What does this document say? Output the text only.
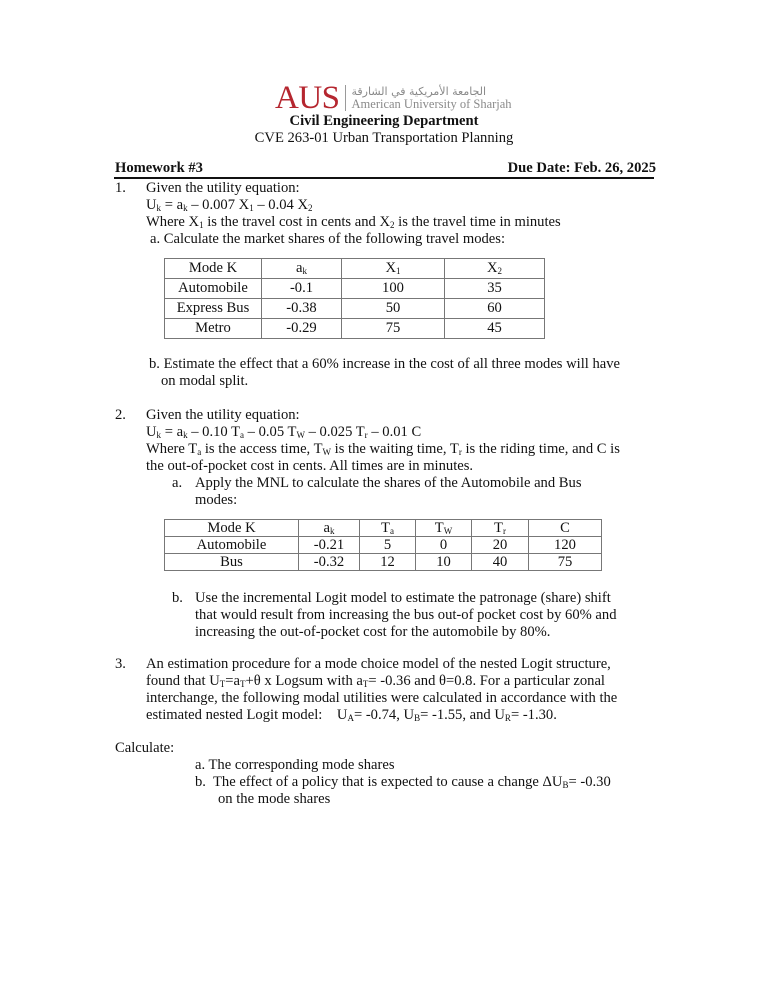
AUS الجامعة الأمريكية في الشارقة
American University of Sharjah
Civil Engineering Department
CVE 263-01 Urban Transportation Planning
Homework #3	Due Date: Feb. 26, 2025
1. Given the utility equation:
$U_k = a_k - 0.007$ $X_1 - 0.04$ $X_2$
Where $X_1$ is the travel cost in cents and $X_2$ is the travel time in minutes
a. Calculate the market shares of the following travel modes:
Mode K	$a_k$	$X_1$	$X_2$
Automobile	-0.1	100	35
Express Bus	-0.38	50	60
Metro	-0.29	75	45
b. Estimate the effect that a 60% increase in the cost of all three modes will have
on modal split.
2. Given the utility equation:
$U_k = a_k - 0.10$ $T_a - 0.05$ $T_W - 0.025$ $T_r - 0.01$ C
Where $T_a$ is the access time, $T_W$ is the waiting time, $T_r$ is the riding time, and C is
the out-of-pocket cost in cents. All times are in minutes.
a. Apply the MNL to calculate the shares of the Automobile and Bus
modes:
Mode K	$a_k$	$T_a$	$T_W$	$T_r$	C
Automobile	-0.21	5	0	20	120
Bus	-0.32	12	10	40	75
b. Use the incremental Logit model to estimate the patronage (share) shift
that would result from increasing the bus out-of pocket cost by 60% and
increasing the out-of-pocket cost for the automobile by 80%.
3. An estimation procedure for a mode choice model of the nested Logit structure,
found that $U_T=a_T+\theta$ x Logsum with $a_T= -0.36$ and θ=0.8. For a particular zonal
interchange, the following modal utilities were calculated in accordance with the
estimated nested Logit model:    $U_A= -0.74$, $U_B= -1.55$, and $U_R= -1.30$.
Calculate:
a. The corresponding mode shares
b.  The effect of a policy that is expected to cause a change $\Delta U_B= -0.30$
on the mode shares
